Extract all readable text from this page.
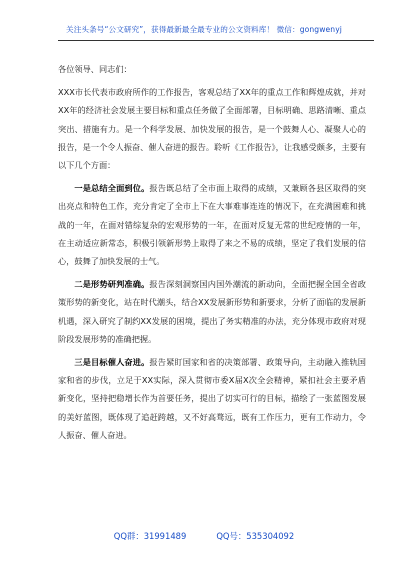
关注头条号“公文研究”，获得最新最全最专业的公文资料库！ 微信：gongwenyj

各位领导、同志们：

XXX市长代表市政府所作的工作报告，客观总结了XX年的重点工作和辉煌成就，并对XX年的经济社会发展主要目标和重点任务做了全面部署，目标明确、思路清晰、重点突出、措施有力。是一个科学发展、加快发展的报告，是一个鼓舞人心、凝聚人心的报告，是一个令人振奋、催人奋进的报告。聆听《工作报告》，让我感受颇多，主要有以下几个方面：

一是总结全面到位。报告既总结了全市面上取得的成绩，又兼顾各县区取得的突出亮点和特色工作，充分肯定了全市上下在大事难事连连的情况下，在充满困难和挑战的一年，在面对错综复杂的宏观形势的一年，在面对反复无常的世纪疫情的一年，在主动适应新常态，积极引领新形势上取得了来之不易的成绩，坚定了我们发展的信心，鼓舞了加快发展的士气。

二是形势研判准确。报告深刻洞察国内国外潮流的新动向，全面把握全国全省政策形势的新变化，站在时代潮头，结合XX发展新形势和新要求，分析了面临的发展新机遇，深入研究了制约XX发展的困境，提出了务实精准的办法，充分体现市政府对现阶段发展形势的准确把握。

三是目标催人奋进。报告紧盯国家和省的决策部署、政策导向，主动融入推轨国家和省的步伐，立足于XX实际，深入贯彻市委X届X次全会精神，紧扣社会主要矛盾新变化，坚持把稳增长作为首要任务，提出了切实可行的目标，描绘了一张蓝图发展的美好蓝图，既体现了追赶跨越，又不好高骛远，既有工作压力，更有工作动力，令人振奋、催人奋进。

QQ群：31991489	QQ号：535304092
